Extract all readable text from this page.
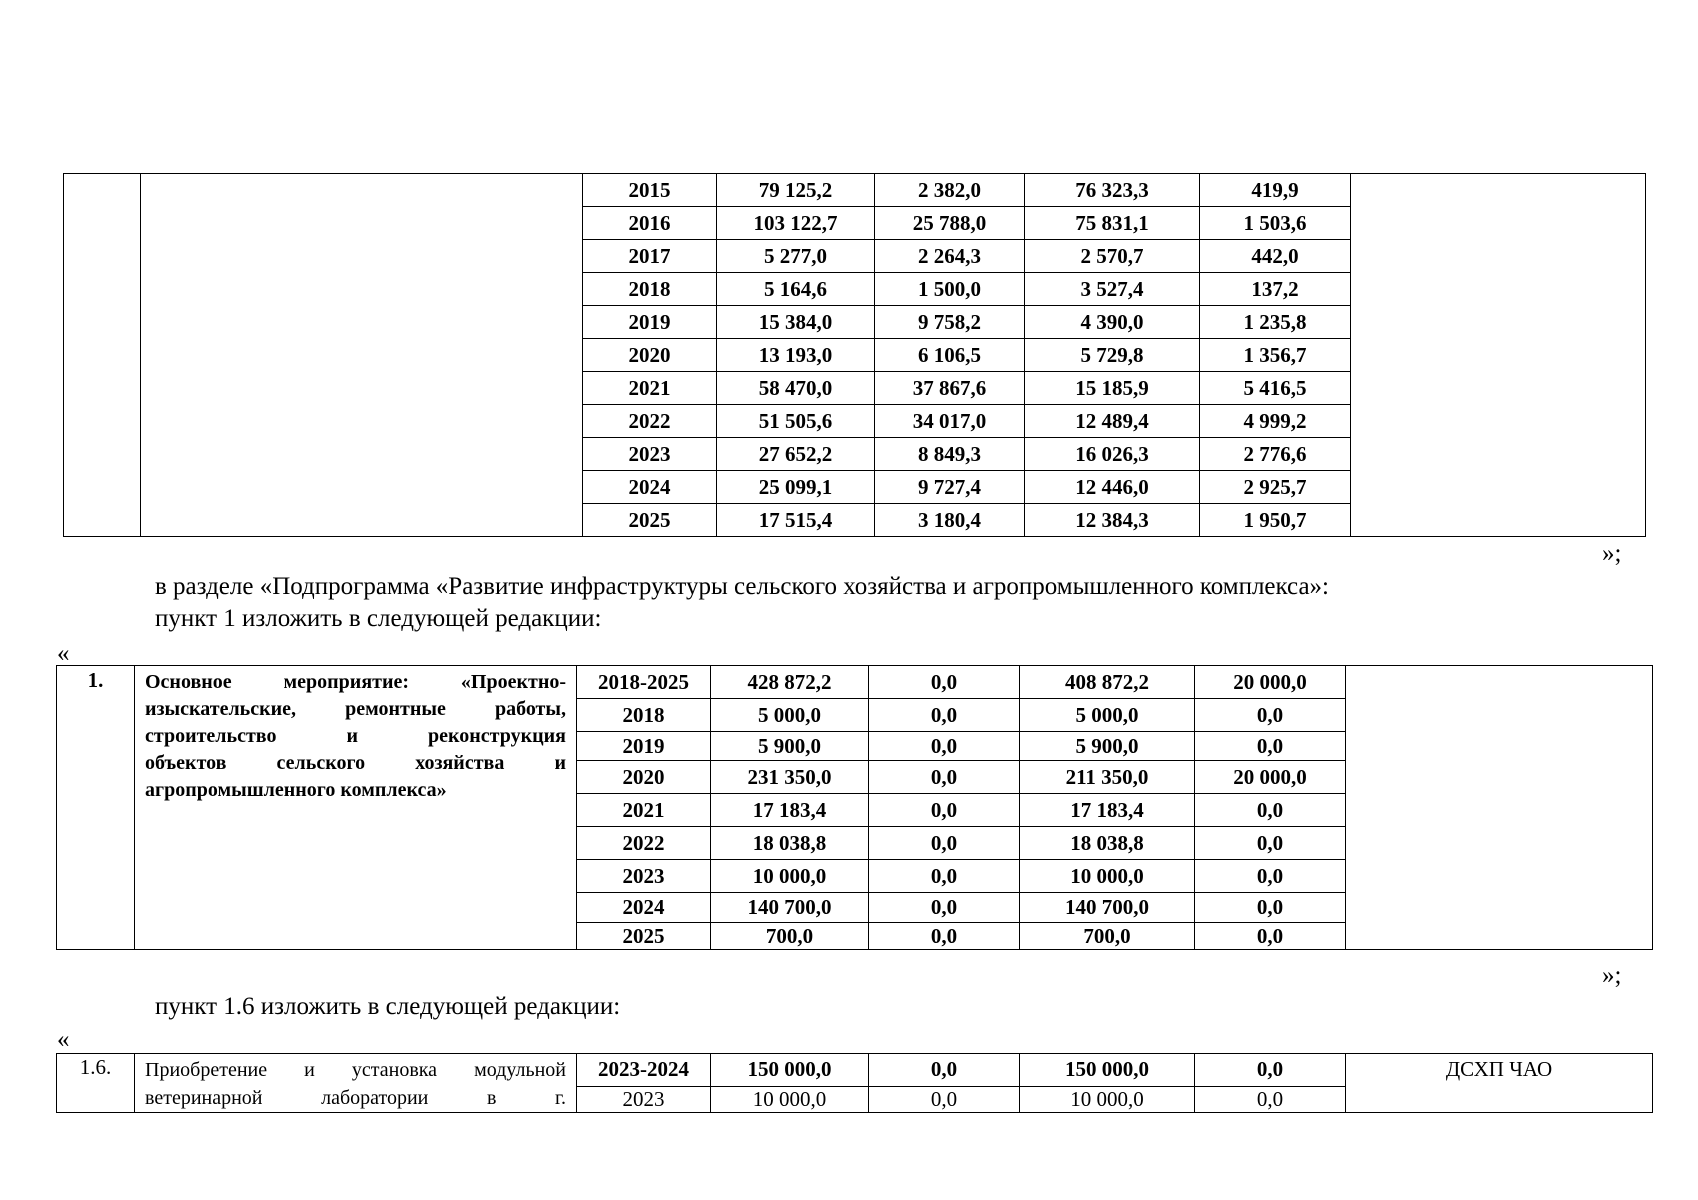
		2015	79 125,2	2 382,0	76 323,3	419,9	
		2016	103 122,7	25 788,0	75 831,1	1 503,6	
		2017	5 277,0	2 264,3	2 570,7	442,0	
		2018	5 164,6	1 500,0	3 527,4	137,2	
		2019	15 384,0	9 758,2	4 390,0	1 235,8	
		2020	13 193,0	6 106,5	5 729,8	1 356,7	
		2021	58 470,0	37 867,6	15 185,9	5 416,5	
		2022	51 505,6	34 017,0	12 489,4	4 999,2	
		2023	27 652,2	8 849,3	16 026,3	2 776,6	
		2024	25 099,1	9 727,4	12 446,0	2 925,7	
		2025	17 515,4	3 180,4	12 384,3	1 950,7	
»;
в разделе «Подпрограмма «Развитие инфраструктуры сельского хозяйства и агропромышленного комплекса»:
пункт 1 изложить в следующей редакции:
«
1.	Основное мероприятие: «Проектно-
изыскательские, ремонтные работы,
строительство и реконструкция
объектов сельского хозяйства и
агропромышленного комплекса»	2018-2025	428 872,2	0,0	408 872,2	20 000,0	
		2018	5 000,0	0,0	5 000,0	0,0	
		2019	5 900,0	0,0	5 900,0	0,0	
		2020	231 350,0	0,0	211 350,0	20 000,0	
		2021	17 183,4	0,0	17 183,4	0,0	
		2022	18 038,8	0,0	18 038,8	0,0	
		2023	10 000,0	0,0	10 000,0	0,0	
		2024	140 700,0	0,0	140 700,0	0,0	
		2025	700,0	0,0	700,0	0,0	
»;
пункт 1.6 изложить в следующей редакции:
«
1.6.	Приобретение и установка модульной
ветеринарной лаборатории в г.	2023-2024	150 000,0	0,0	150 000,0	0,0	ДСХП ЧАО
		2023	10 000,0	0,0	10 000,0	0,0	
